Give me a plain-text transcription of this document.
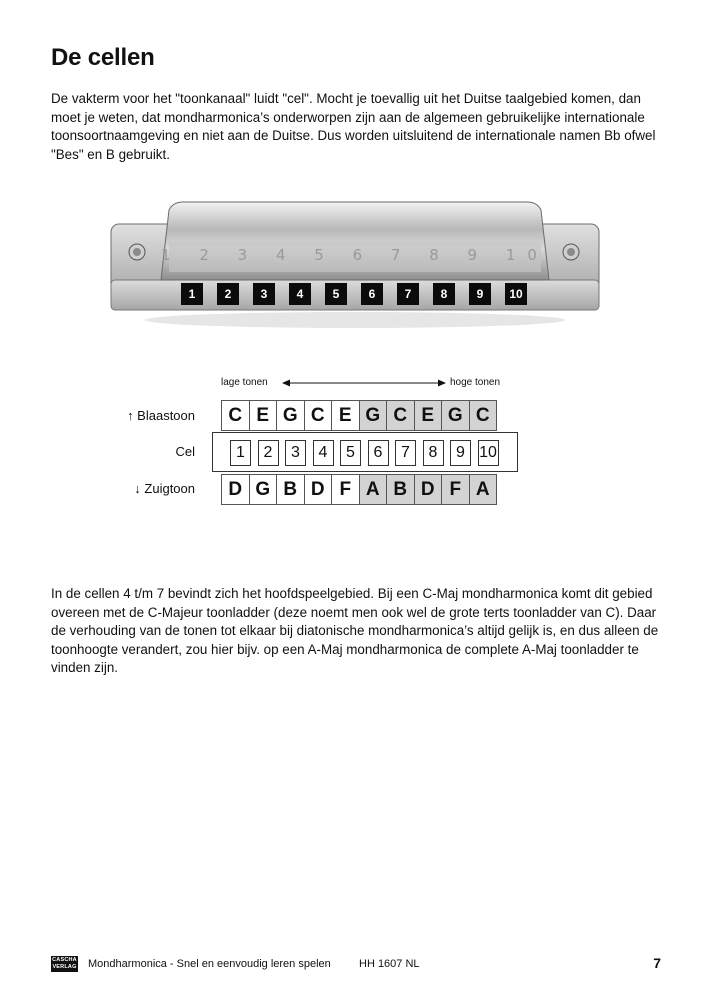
De cellen

De vakterm voor het "toonkanaal" luidt "cel". Mocht je toevallig uit het Duitse taalgebied komen, dan moet je weten, dat mondharmonica’s onderworpen zijn aan de algemeen gebruikelijke internationale toonsoortnaamgeving en niet aan de Duitse. Dus worden uitsluitend de internationale namen Bb ofwel "Bes" en B gebruikt.

1 2 3 4 5 6 7 8 9 10
1	2	3	4	5	6	7	8	9	10
lage tonen	hoge tonen
↑ Blaastoon
Cel
↓ Zuigtoon
C E G C E G C E G C
1	2	3	4	5	6	7	8	9 10
D G B D F A B D F A

In de cellen 4 t/m 7 bevindt zich het hoofdspeelgebied. Bij een C-Maj mondharmonica komt dit gebied overeen met de C-Majeur toonladder (deze noemt men ook wel de grote terts toonladder van C). Daar de verhouding van de tonen tot elkaar bij diatonische mondharmonica’s altijd gelijk is, en dus alleen de toonhoogte verandert, zou hier bijv. op een A-Maj mondharmonica de complete A-Maj toonladder te vinden zijn.

CASCHA
VERLAG Mondharmonica - Snel en eenvoudig leren spelen	HH 1607 NL	7
